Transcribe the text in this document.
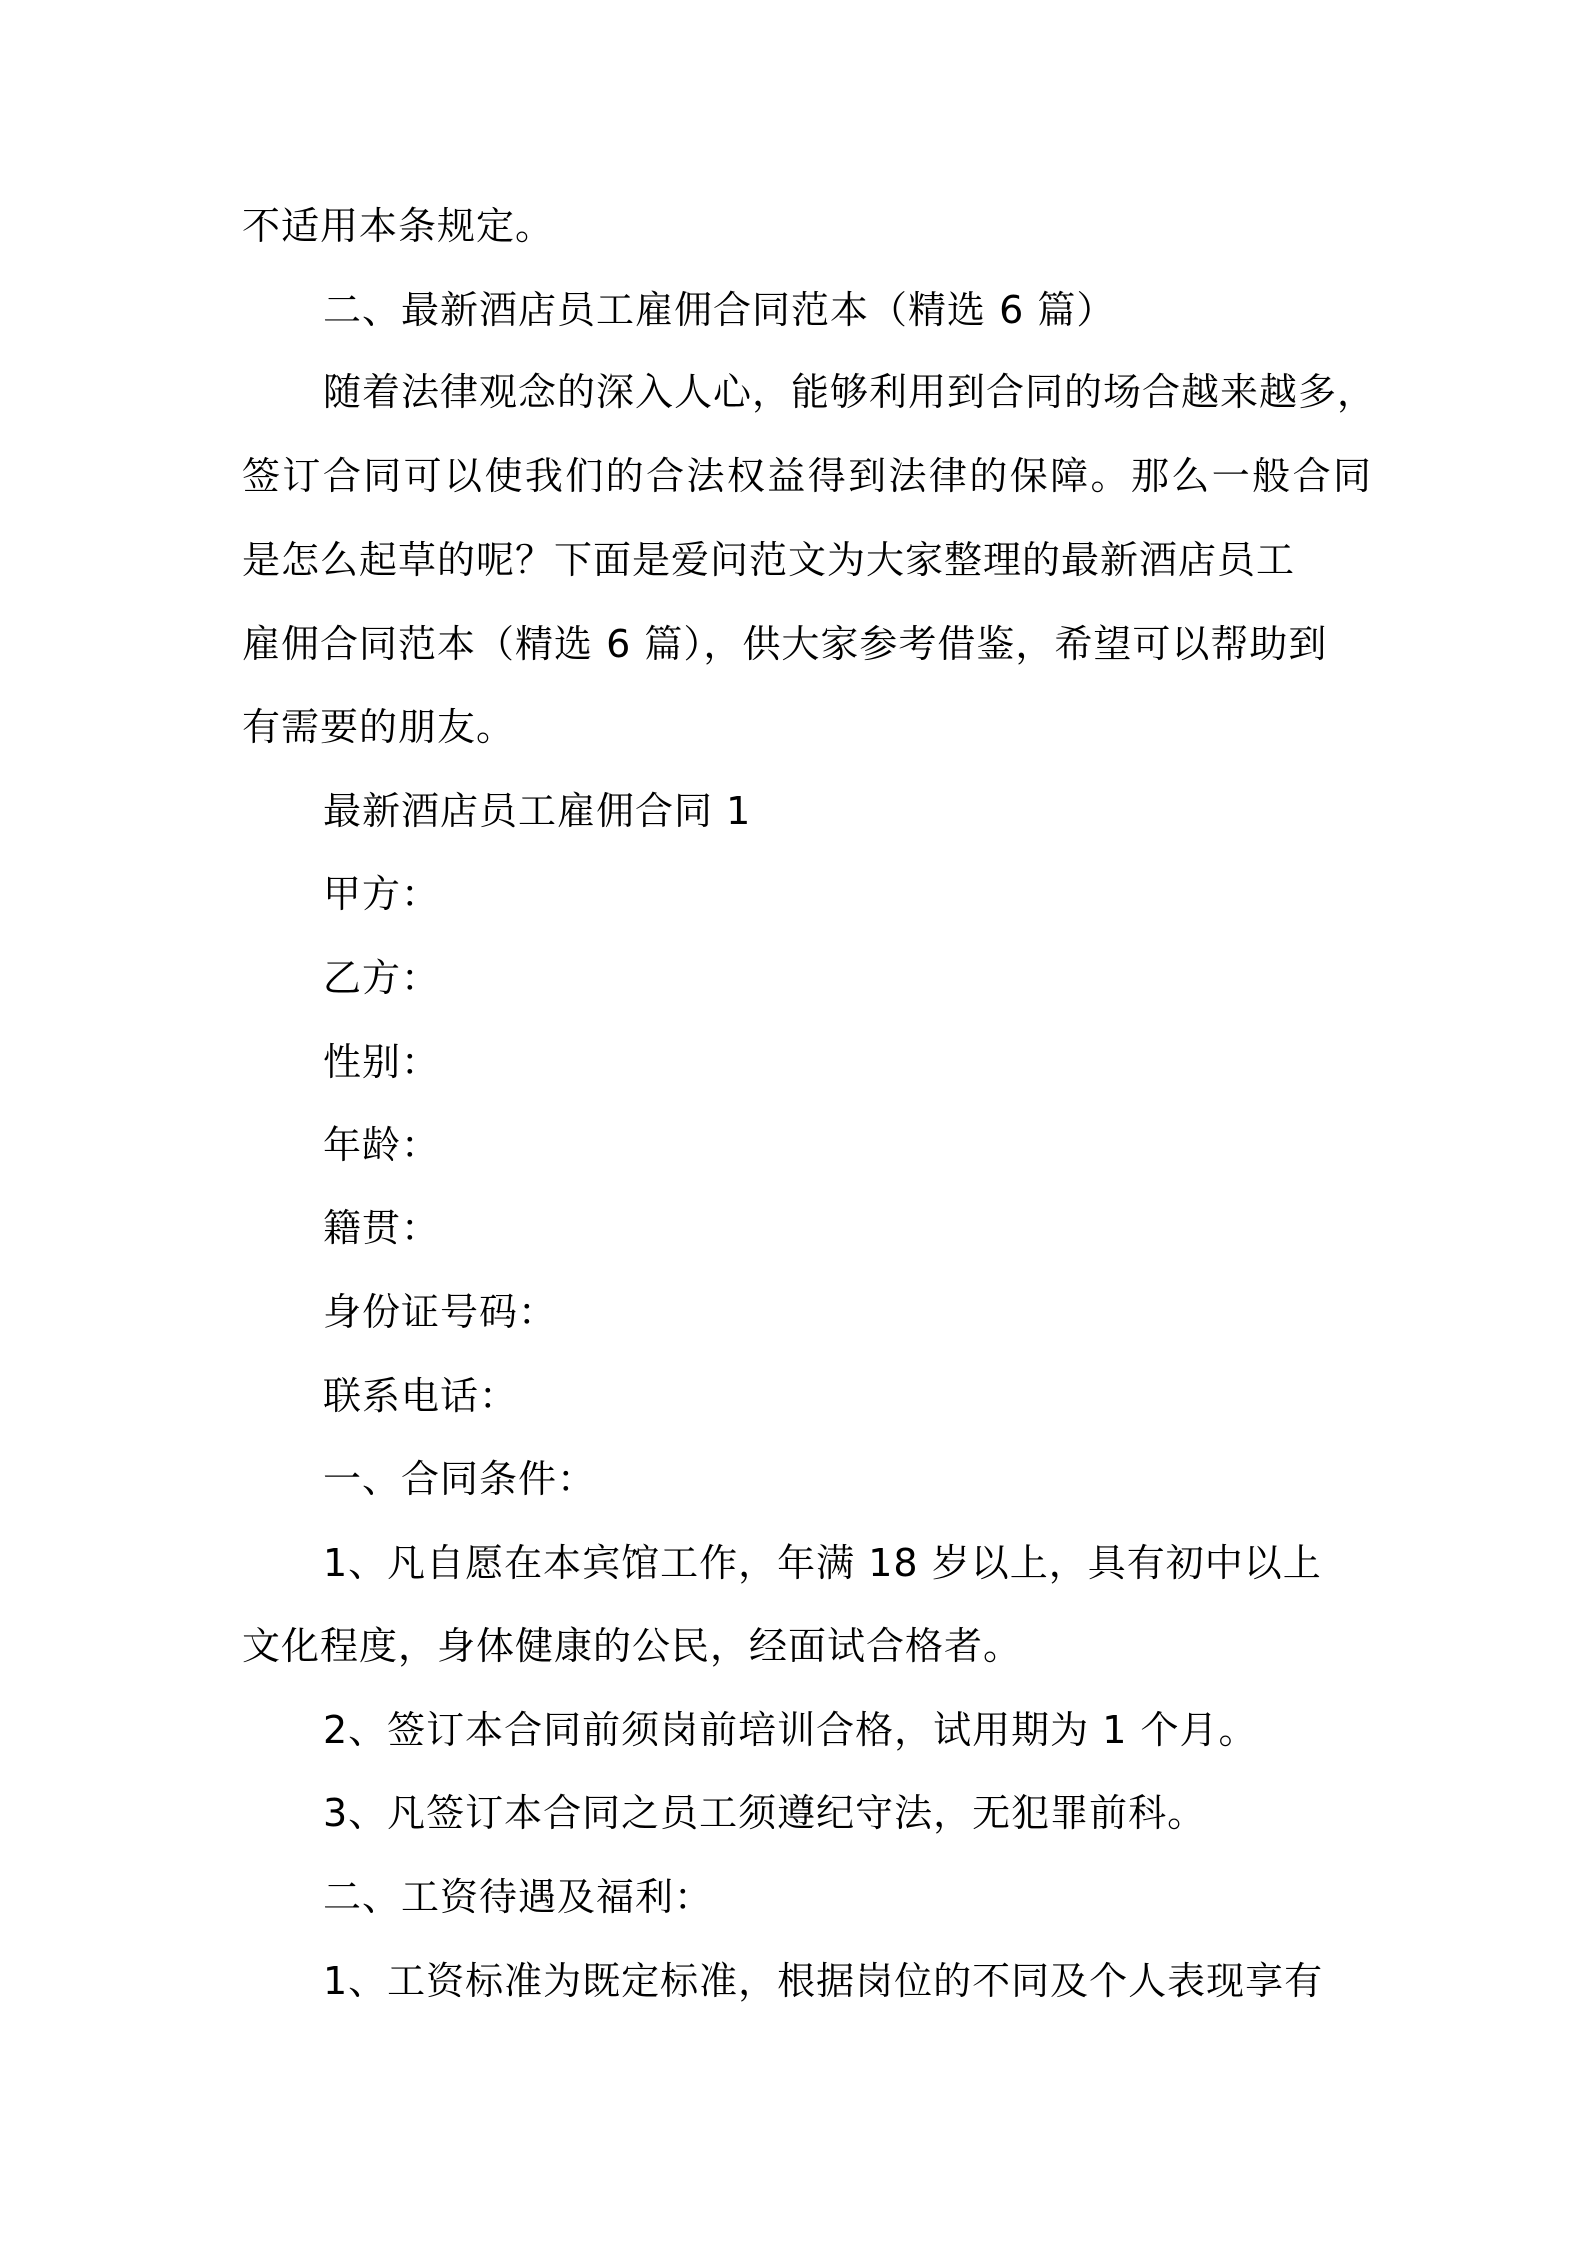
不适用本条规定。
二、最新酒店员工雇佣合同范本（精选 6 篇）
随着法律观念的深入人心，能够利用到合同的场合越来越多，
签订合同可以使我们的合法权益得到法律的保障。那么一般合同
是怎么起草的呢？下面是爱问范文为大家整理的最新酒店员工
雇佣合同范本（精选 6 篇），供大家参考借鉴，希望可以帮助到
有需要的朋友。
最新酒店员工雇佣合同 1
甲方：
乙方：
性别：
年龄：
籍贯：
身份证号码：
联系电话：
一、合同条件：
1、凡自愿在本宾馆工作，年满 18 岁以上，具有初中以上
文化程度，身体健康的公民，经面试合格者。
2、签订本合同前须岗前培训合格，试用期为 1 个月。
3、凡签订本合同之员工须遵纪守法，无犯罪前科。
二、工资待遇及福利：
1、工资标准为既定标准，根据岗位的不同及个人表现享有
